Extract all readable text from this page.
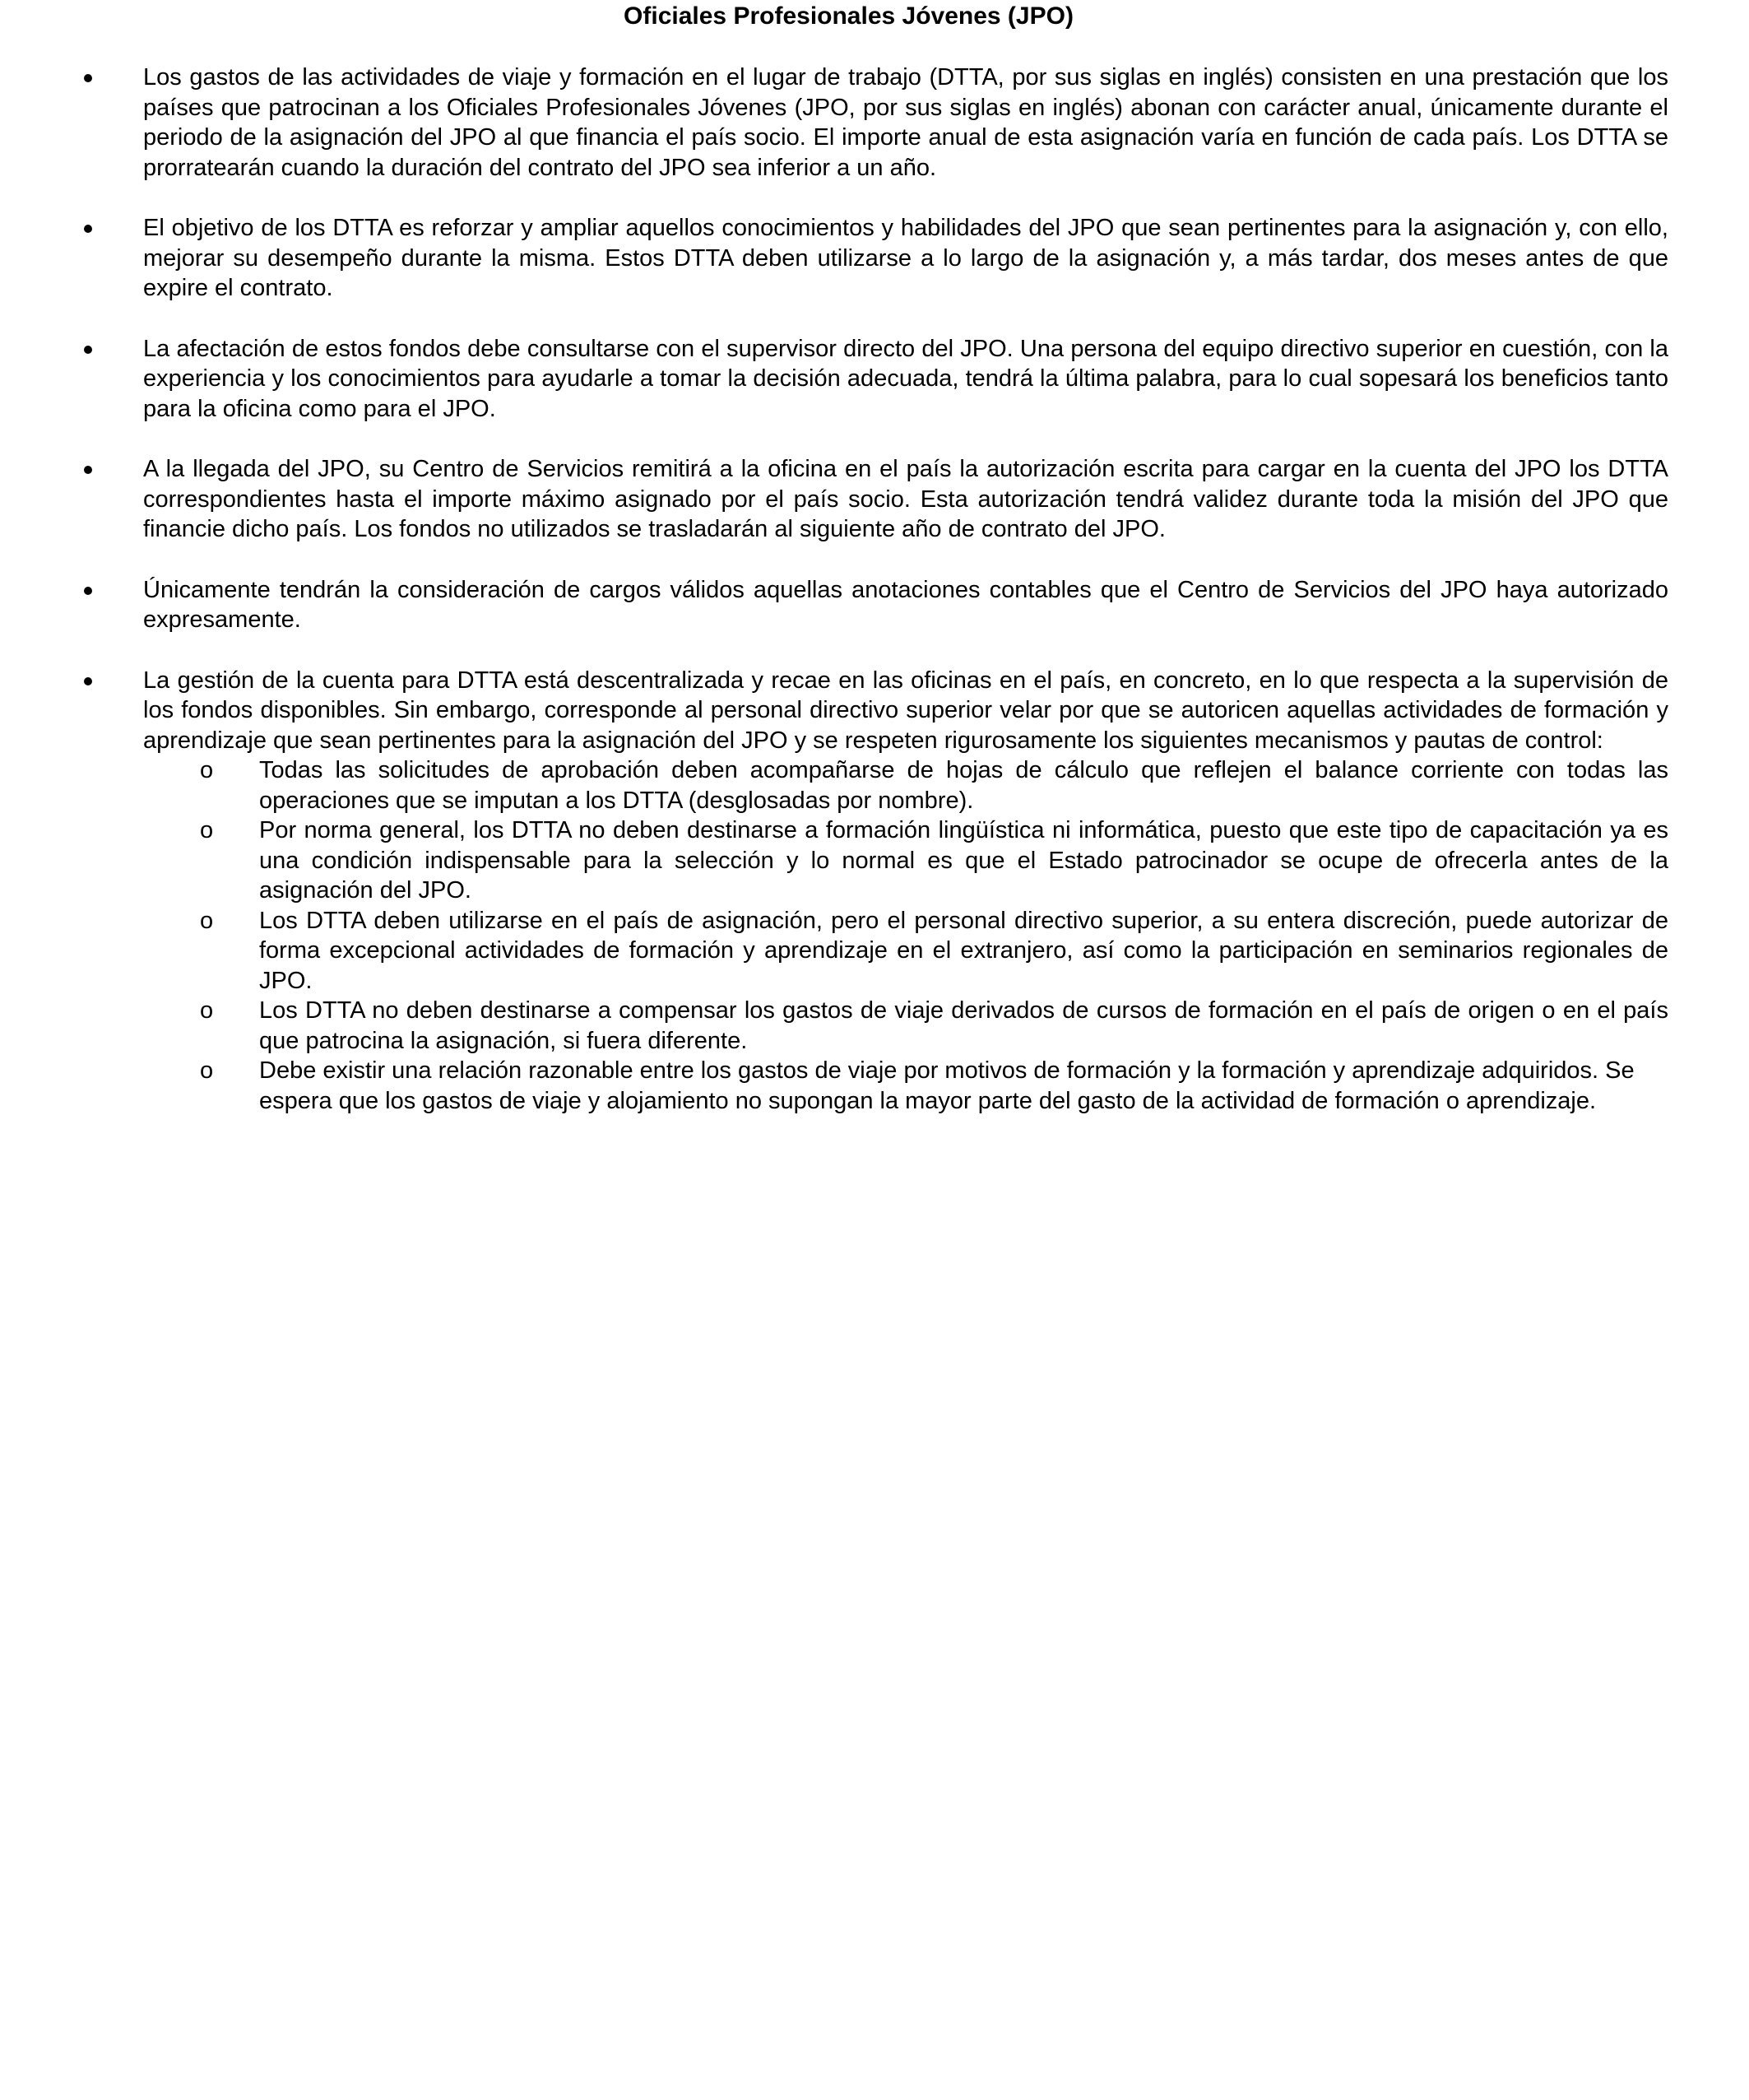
Oficiales Profesionales Jóvenes (JPO)
Los gastos de las actividades de viaje y formación en el lugar de trabajo (DTTA, por sus siglas en inglés) consisten en una prestación que los países que patrocinan a los Oficiales Profesionales Jóvenes (JPO, por sus siglas en inglés) abonan con carácter anual, únicamente durante el periodo de la asignación del JPO al que financia el país socio. El importe anual de esta asignación varía en función de cada país. Los DTTA se prorratearán cuando la duración del contrato del JPO sea inferior a un año.
El objetivo de los DTTA es reforzar y ampliar aquellos conocimientos y habilidades del JPO que sean pertinentes para la asignación y, con ello, mejorar su desempeño durante la misma. Estos DTTA deben utilizarse a lo largo de la asignación y, a más tardar, dos meses antes de que expire el contrato.
La afectación de estos fondos debe consultarse con el supervisor directo del JPO. Una persona del equipo directivo superior en cuestión, con la experiencia y los conocimientos para ayudarle a tomar la decisión adecuada, tendrá la última palabra, para lo cual sopesará los beneficios tanto para la oficina como para el JPO.
A la llegada del JPO, su Centro de Servicios remitirá a la oficina en el país la autorización escrita para cargar en la cuenta del JPO los DTTA correspondientes hasta el importe máximo asignado por el país socio. Esta autorización tendrá validez durante toda la misión del JPO que financie dicho país. Los fondos no utilizados se trasladarán al siguiente año de contrato del JPO.
Únicamente tendrán la consideración de cargos válidos aquellas anotaciones contables que el Centro de Servicios del JPO haya autorizado expresamente.
La gestión de la cuenta para DTTA está descentralizada y recae en las oficinas en el país, en concreto, en lo que respecta a la supervisión de los fondos disponibles. Sin embargo, corresponde al personal directivo superior velar por que se autoricen aquellas actividades de formación y aprendizaje que sean pertinentes para la asignación del JPO y se respeten rigurosamente los siguientes mecanismos y pautas de control:
o Todas las solicitudes de aprobación deben acompañarse de hojas de cálculo que reflejen el balance corriente con todas las operaciones que se imputan a los DTTA (desglosadas por nombre).
o Por norma general, los DTTA no deben destinarse a formación lingüística ni informática, puesto que este tipo de capacitación ya es una condición indispensable para la selección y lo normal es que el Estado patrocinador se ocupe de ofrecerla antes de la asignación del JPO.
o Los DTTA deben utilizarse en el país de asignación, pero el personal directivo superior, a su entera discreción, puede autorizar de forma excepcional actividades de formación y aprendizaje en el extranjero, así como la participación en seminarios regionales de JPO.
o Los DTTA no deben destinarse a compensar los gastos de viaje derivados de cursos de formación en el país de origen o en el país que patrocina la asignación, si fuera diferente.
o Debe existir una relación razonable entre los gastos de viaje por motivos de formación y la formación y aprendizaje adquiridos. Se espera que los gastos de viaje y alojamiento no supongan la mayor parte del gasto de la actividad de formación o aprendizaje.
